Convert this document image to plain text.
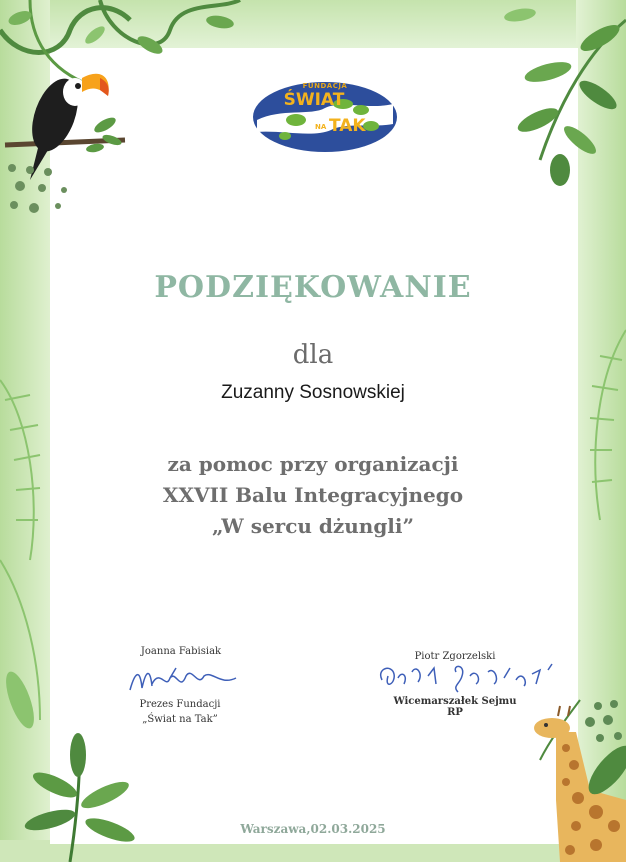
FUNDACJA
ŚWIAT
NA TAK
PODZIĘKOWANIE
dla
Zuzanny Sosnowskiej
za pomoc przy organizacji
XXVII Balu Integracyjnego
„W sercu dżungli”
Joanna Fabisiak
Prezes Fundacji
„Świat na Tak”
Piotr Zgorzelski
Wicemarszałek Sejmu RP
Warszawa,02.03.2025
